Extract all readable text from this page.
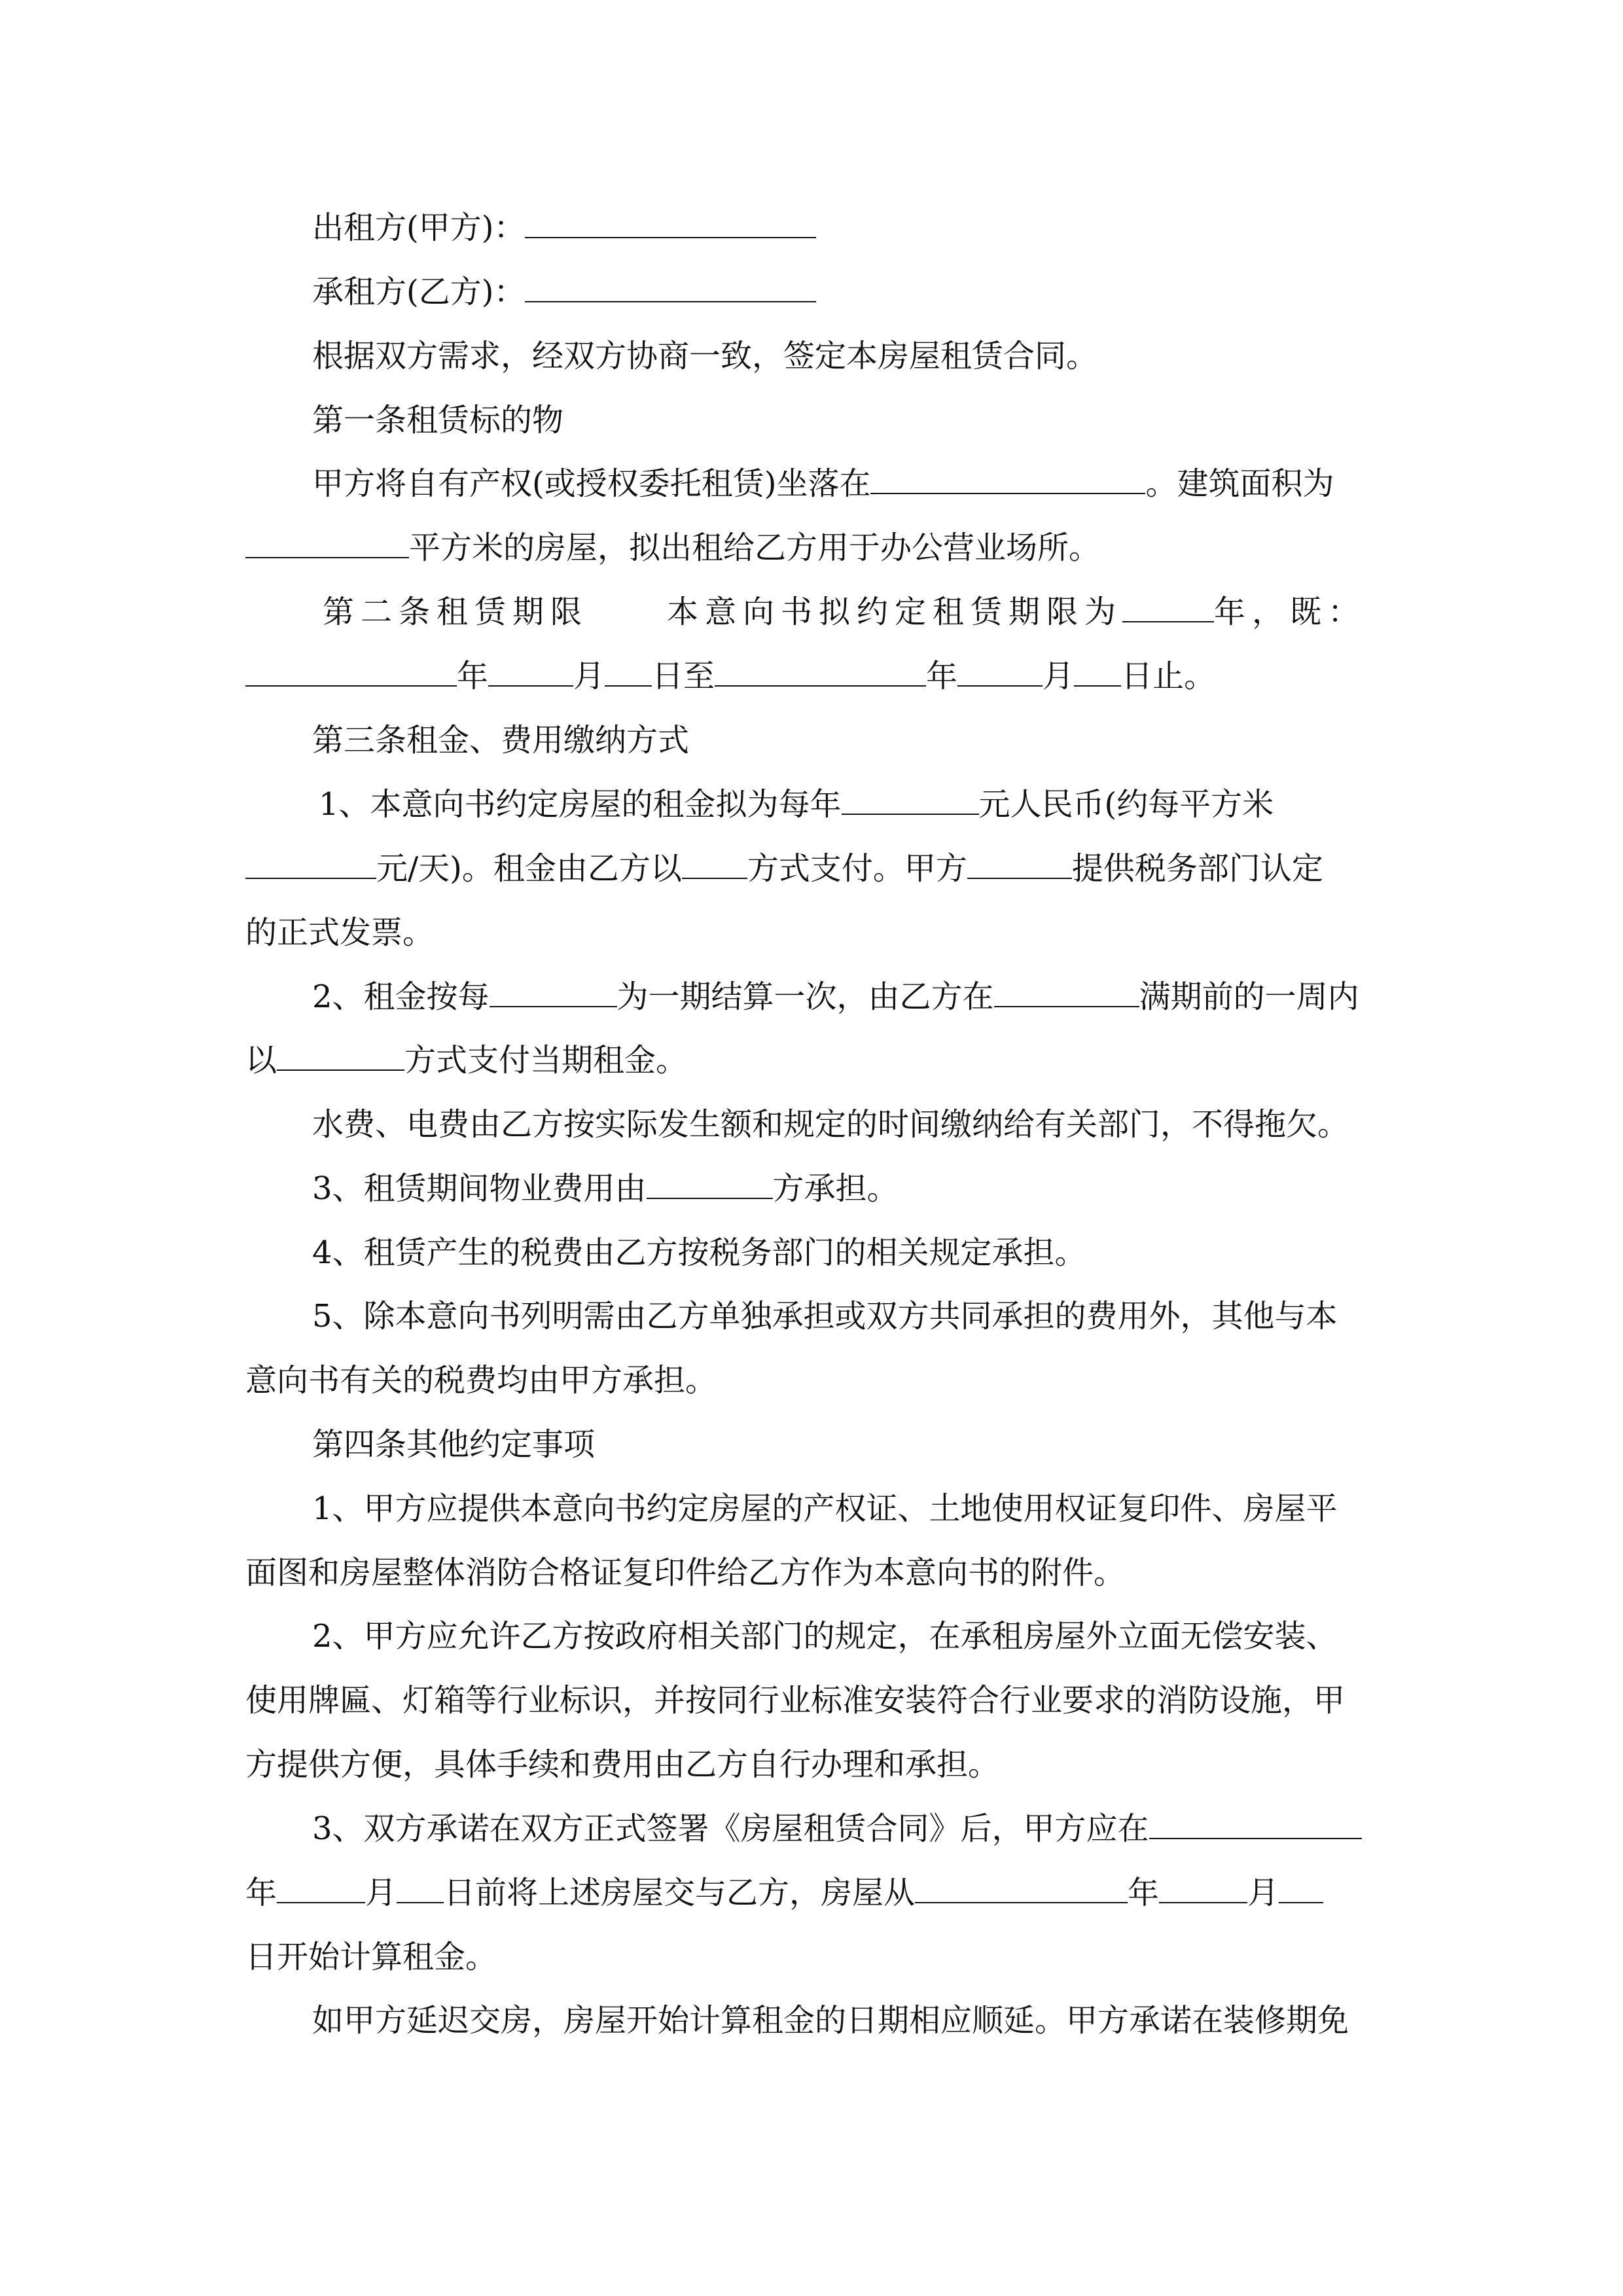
出租方(甲方)：
承租方(乙方)：
根据双方需求，经双方协商一致，签定本房屋租赁合同。
第一条租赁标的物
甲方将自有产权(或授权委托租赁)坐落在	。建筑面积为
平方米的房屋，拟出租给乙方用于办公营业场所。
第二条租赁期限	本意向书拟约定租赁期限为	年，既：
年	月 日至	年	月 日止。
第三条租金、费用缴纳方式
1、本意向书约定房屋的租金拟为每年	元人民币(约每平方米
元/天)。租金由乙方以 方式支付。甲方	提供税务部门认定
的正式发票。
2、租金按每	为一期结算一次，由乙方在	满期前的一周内
以	方式支付当期租金。
水费、电费由乙方按实际发生额和规定的时间缴纳给有关部门，不得拖欠。
3、租赁期间物业费用由	方承担。
4、租赁产生的税费由乙方按税务部门的相关规定承担。
5、除本意向书列明需由乙方单独承担或双方共同承担的费用外，其他与本
意向书有关的税费均由甲方承担。
第四条其他约定事项
1、甲方应提供本意向书约定房屋的产权证、土地使用权证复印件、房屋平
面图和房屋整体消防合格证复印件给乙方作为本意向书的附件。
2、甲方应允许乙方按政府相关部门的规定，在承租房屋外立面无偿安装、
使用牌匾、灯箱等行业标识，并按同行业标准安装符合行业要求的消防设施，甲
方提供方便，具体手续和费用由乙方自行办理和承担。
3、双方承诺在双方正式签署《房屋租赁合同》后，甲方应在
年	月 日前将上述房屋交与乙方，房屋从	年	月
日开始计算租金。
如甲方延迟交房，房屋开始计算租金的日期相应顺延。甲方承诺在装修期免
